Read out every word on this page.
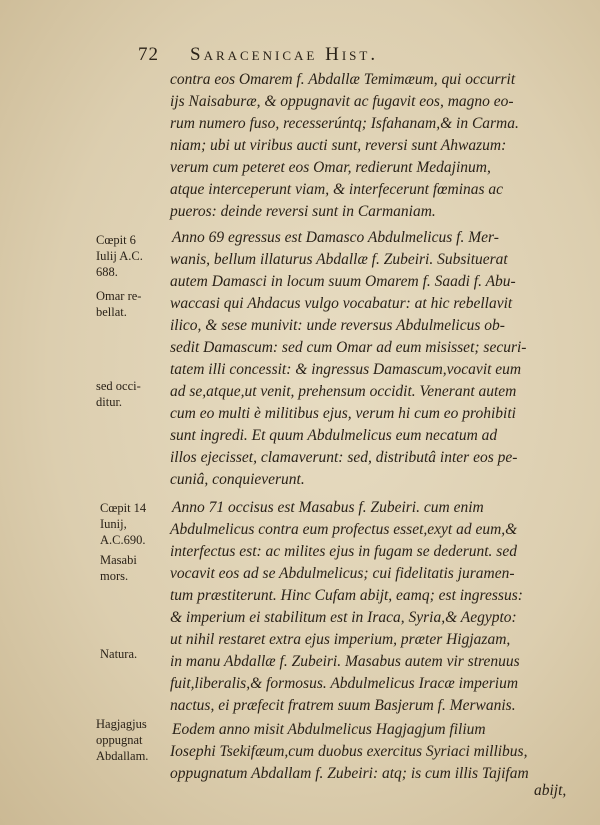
72 Saracenicae Hist.
contra eos Omarem f. Abdallæ Temimæum, qui occurrit
ijs Naisaburæ, & oppugnavit ac fugavit eos, magno eo-
rum numero fuso, recesserúntq; Isfahanam,& in Carma.
niam; ubi ut viribus aucti sunt, reversi sunt Ahwazum:
verum cum peteret eos Omar, redierunt Medajinum,
atque interceperunt viam, & interfecerunt fœminas ac
pueros: deinde reversi sunt in Carmaniam.
Anno 69 egressus est Damasco Abdulmelicus f. Mer-
wanis, bellum illaturus Abdallæ f. Zubeiri. Subsituerat
autem Damasci in locum suum Omarem f. Saadi f. Abu-
waccasi qui Ahdacus vulgo vocabatur: at hic rebellavit
ilico, & sese munivit: unde reversus Abdulmelicus ob-
sedit Damascum: sed cum Omar ad eum misisset; securi-
tatem illi concessit: & ingressus Damascum,vocavit eum
ad se,atque,ut venit, prehensum occidit. Venerant autem
cum eo multi è militibus ejus, verum hi cum eo prohibiti
sunt ingredi. Et quum Abdulmelicus eum necatum ad
illos ejecisset, clamaverunt: sed, distributâ inter eos pe-
cuniâ, conquieverunt.
Anno 71 occisus est Masabus f. Zubeiri. cum enim
Abdulmelicus contra eum profectus esset,exyt ad eum,&
interfectus est: ac milites ejus in fugam se dederunt. sed
vocavit eos ad se Abdulmelicus; cui fidelitatis juramen-
tum præstiterunt. Hinc Cufam abijt, eamq; est ingressus:
& imperium ei stabilitum est in Iraca, Syria,& Aegypto:
ut nihil restaret extra ejus imperium, præter Higjazam,
in manu Abdallæ f. Zubeiri. Masabus autem vir strenuus
fuit,liberalis,& formosus. Abdulmelicus Iracæ imperium
nactus, ei præfecit fratrem suum Basjerum f. Merwanis.
Eodem anno misit Abdulmelicus Hagjagjum filium
Iosephi Tsekifæum,cum duobus exercitus Syriaci millibus,
oppugnatum Abdallam f. Zubeiri: atq; is cum illis Tajifam
Cœpit 6
Iulij A.C.
688.
Omar re-
bellat.
sed occi-
ditur.
Cœpit 14
Iunij,
A.C.690.
Masabi
mors.
Natura.
Hagjagjus
oppugnat
Abdallam.
abijt,
